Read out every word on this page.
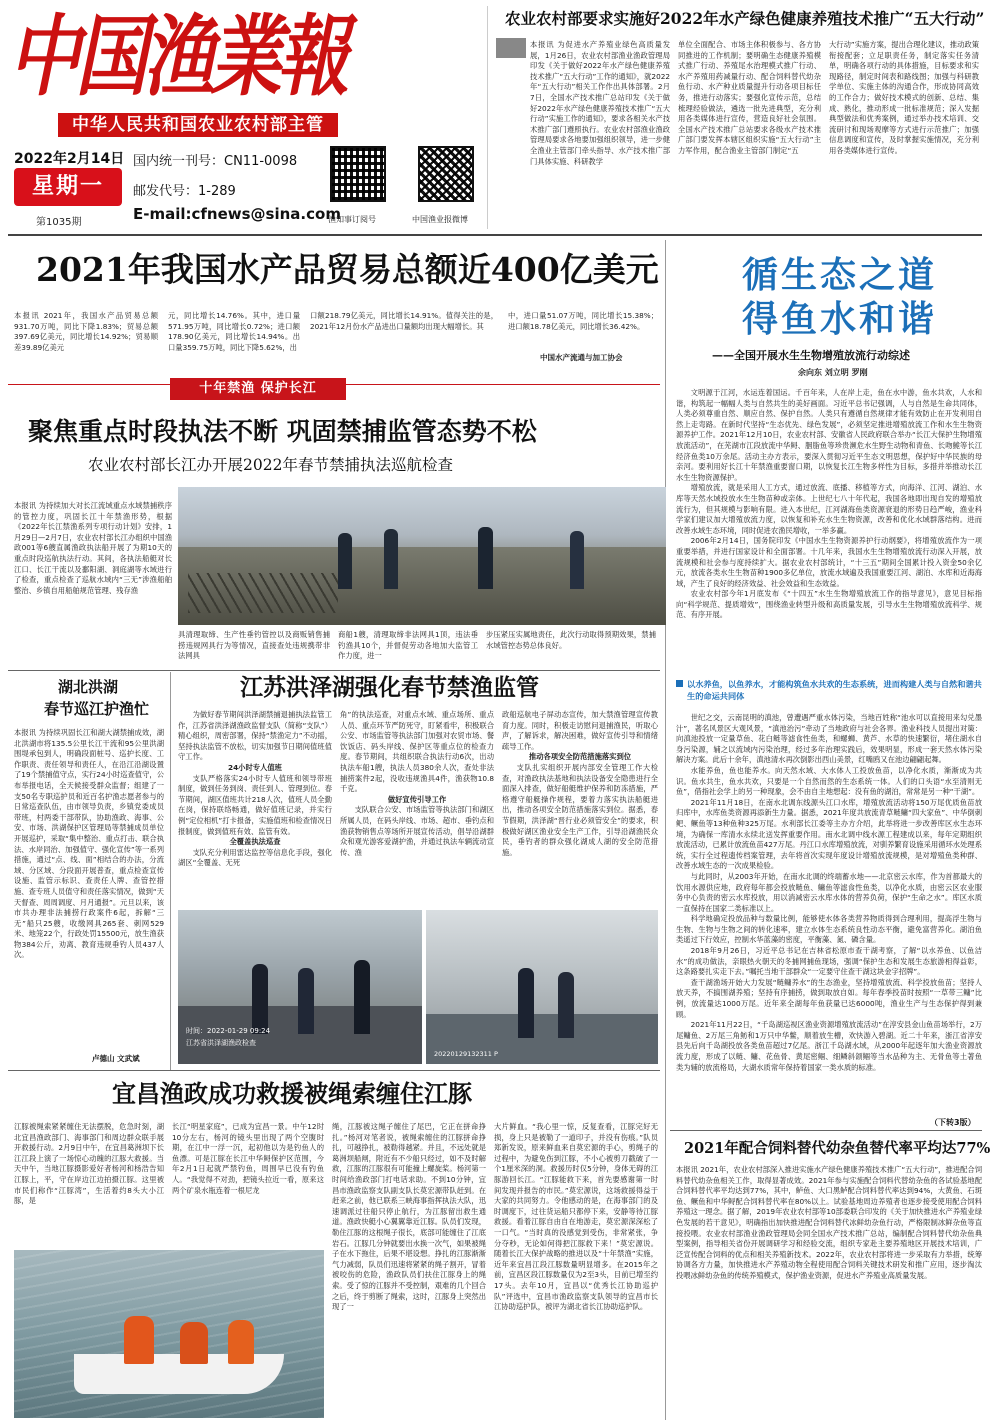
中国渔業報
中华人民共和国农业农村部主管
2022年2月14日
星期一
第1035期
国内统一刊号：CN11-0098
邮发代号：1-289
E-mail:cfnews@sina.com
渔知事订阅号	中国渔业报微博
农业农村部要求实施好2022年水产绿色健康养殖技术推广“五大行动”
本报讯 为促进水产养殖业绿色高质量发展，1月26日，农业农村部渔业渔政管理局印发《关于做好2022年水产绿色健康养殖技术推广“五大行动”工作的通知》，就2022年“五大行动”相关工作作出具体部署。2月7日，全国水产技术推广总站印发《关于做好2022年水产绿色健康养殖技术推广“五大行动”实施工作的通知》，要求各相关水产技术推广部门遵照执行。农业农村部渔业渔政管理局要求各地要加强组织领导，进一步健全渔业主管部门牵头指导、水产技术推广部门具体实施、科研教学
单位全面配合、市场主体积极参与、各方协同推进的工作机制；要明确生态健康养殖模式推广行动、养殖尾水治理模式推广行动、水产养殖用药减量行动、配合饲料替代幼杂鱼行动、水产种业质量提升行动各项目标任务，推进行动落实；要强化宣传示范，总结梳理经验做法，遴选一批先进典型，充分利用各类媒体进行宣传，营造良好社会氛围。全国水产技术推广总站要求各级水产技术推广部门要发挥本辖区组织实施“五大行动”主力军作用，配合渔业主管部门制定“五
大行动”实施方案，提出合理化建议，推动政策衔接配套；立足职责任务，制定落实任务清单，明确各项行动的具体措施，目标要求和实现路径，制定时间表和路线图；加强与科研教学单位、实施主体的沟通合作，形成协同高效的工作合力；做好技术模式的创新、总结、集成、熟化，推动形成一批标准规范；深入发掘典型做法和优秀案例，通过举办技术培训、交流研讨和现场观摩等方式进行示范推广；加强信息调度和宣传，及时掌握实施情况，充分利用各类媒体进行宣传。
2021年我国水产品贸易总额近400亿美元
本报讯 2021年，我国水产品贸易总额931.70万吨，同比下降1.83%；贸易总额397.69亿美元，同比增长14.92%；贸易顺差39.89亿美元
元，同比增长14.76%。其中，进口量571.95万吨，同比增长0.72%；进口额178.90亿美元，同比增长14.94%。出口量359.75万吨，同比下降5.62%，出
口额218.79亿美元，同比增长14.91%。值得关注的是，2021年12月份水产品进出口量额均出现大幅增长。其
中，进口量51.07万吨，同比增长15.38%；进口额18.78亿美元，同比增长36.42%。
中国水产流通与加工协会
循生态之道
得鱼水和谐
——全国开展水生生物增殖放流行动综述
余向东 刘立明 罗刚

文明源于江河，水运连着国运。千百年来，人在岸上走，鱼在水中游，鱼水共欢，人水和谐，构筑起一幅幅人类与自然共生的美好画面。习近平总书记强调，人与自然是生命共同体，人类必须尊重自然、顺应自然、保护自然。人类只有遵循自然规律才能有效防止在开发利用自然上走弯路。在新时代坚持“生态优先、绿色发展”，必须坚定推进增殖放流工作和水生生物资源养护工作。2021年12月10日，农业农村部、安徽省人民政府联合举办“长江大保护生物增殖放流活动”，在芜湖市江段放流中华鲟、胭脂鱼等珍贵濒危水生野生动物和青鱼、长吻鮠等长江经济鱼类10万余尾。活动主办方表示，要深入贯彻习近平生态文明思想，保护好中华民族的母亲河。要利用好长江十年禁渔重要窗口期，以恢复长江生物多样性为目标，多措并举推动长江水生生物资源保护。

增殖放流，就是采用人工方式，通过放流、底播、移植等方式，向海洋、江河、湖泊、水库等天然水域投放水生生物苗种或亲体。上世纪七八十年代起，我国各地即出现自发的增殖放流行为，但其规模与影响有限。进入本世纪，江河湖海鱼类资源衰退的形势日趋严峻，渔业科学家们建议加大增殖放流力度，以恢复和补充水生生物资源，改善和优化水域群落结构。进而改善水域生态环境，同时促进农渔民增收，一举多赢。

2006年2月14日，国务院印发《中国水生生物资源养护行动纲要》，将增殖放流作为一项重要举措，并进行国家设计和全面部署。十几年来，我国水生生物增殖放流行动深入开展，放流规模和社会参与度持续扩大。据农业农村部统计，“十三五”期间全国累计投入资金50余亿元，放流各类水生生物苗种1900多亿单位，放流水域遍及我国重要江河、湖泊、水库和近海海域，产生了良好的经济效益、社会效益和生态效益。

农业农村部今年1月底发布《“十四五”水生生物增殖放流工作的指导意见》，意见目标指向“科学规范、提质增效”，围绕渔业转型升级和高质量发展，引导水生生物增殖放流科学、规范、有序开展。

以水养鱼，以鱼养水，才能构筑鱼水共欢的生态系统，进而构建人类与自然和谐共生的命运共同体

世纪之交，云南昆明的滇池，曾遭遇严重水体污染，当地百姓称“池水可以直接用来勾兑墨汁”，著名风景区大观风景，“滇池治污”牵动了当地政府与社会各界。渔业科技人员提出对策：向滇池投放一定量草鱼、花白鲢等滤食性鱼类，和螺蛳、黄芦、水草的快速繁衍，堵住湖水自身污染源，辅之以流域内污染治理，经过多年治理实践后，效果明显，形成一套天然水体污染解决方案。此后十余年，滇池清水再次倒影出西山美景，红嘴鸥又在池边翩翩起舞。

水能养鱼，鱼也能养水。向天然水域、大水体人工投放鱼苗，以净化水质，渐渐成为共识。鱼水共生，鱼水共欢，只要是一个自然而然的生态系统一体。人们的口头语“水至清则无鱼”，借指社会学上的另一种现象，会不由自主地想起：没有鱼的湖泊，常常是另一种“干湖”。

2021年11月18日，在南水北调东线源头江口水库，增殖放流活动将150万尾优质鱼苗放归库中，水库鱼类资源再添新生力量。据悉，2021年度共放流青草鲢鳙“四大家鱼”、中华倒刺鲃、鳜鱼等13种鱼种325万尾。水利部长江委等主办方介绍，此举将进一步改善库区水生态环境，为确保一库清水永续北送发挥重要作用。南水北调中线水源工程建成以来，每年定期组织放流活动，已累计放流鱼苗427万尾。丹江口水库增殖放流，对驯养繁育设施采用循环水处理系统，实行全过程遗传档案管理，去年将首次实现年度设计增殖放流规模，是对增殖鱼类种群、改善水域生态的一次成果检验。

与此同时，从2003年开始，在南水北调的终端蓄水地——北京密云水库，作为首都最大的饮用水源供应地，政府每年都会投放鲢鱼、鳙鱼等滤食性鱼类，以净化水质，由密云区农业服务中心负责的密云水库投放，用以消减密云水库水体的营养负荷，保护“生命之水”。库区水质一直保持在国家二类标准以上。

科学地确定投放品种与数量比例，能够使水体各类营养物质得到合理利用，提高浮生物与生物、生物与生物之间的转化速率，建立水体生态系统良性动态平衡，避免富营养化。湖泊鱼类遥过下行效应，控制水华蓝藻的密度，平衡藻、氮、磷含量。

2018年9月26日，习近平总书记在吉林省松原市查干湖考察，了解“以水养鱼、以鱼洁水”的成功做法，亲眼热火朝天的冬捕网捕鱼现场，强调“保护生态和发展生态旅游相得益彰，这条路要扎实走下去。”嘱托当地干部群众“一定要守住查干湖这块金字招牌”。

查干湖渔场开始大力发展“鲢鳙养水”的生态渔业，坚持增殖放流、科学投放鱼苗；坚持人放天养，不搞围湖养殖；坚持有序捕捞，做到取放自如。每年春季投苗时按照“一草带三鳙”比例，放流量达1000万尾。近年来全湖每年鱼获量已达6000吨，渔业生产与生态保护得到兼顾。

2021年11月22日，“千岛湖巡视区渔业资源增殖放流活动”在淳安县金山鱼苗场举行，2万尾鳙鱼、2万尾三角鲂和1万只中华鳖，顺着放生槽，欢快游入碧湖。近二十年来，浙江省淳安县先后向千岛湖投放各类鱼苗超过7亿尾。浙江千岛湖水域，从2000年起逐年加大渔业资源放流力度，形成了以鲢、鳙、花鱼骨、黄尾密鲴、细鳞斜颌鲴等当水品种为主、无骨鱼等土著鱼类为辅的放流格局，大湖水质常年保持着国家一类水质的标准。

（下转3版）
2021年配合饲料替代幼杂鱼替代率平均达77%
本报讯 2021年，农业农村部深入推进实施水产绿色健康养殖技术推广“五大行动”，推进配合饲料替代幼杂鱼相关工作，取得显著成效。2021年参与实施配合饲料代替幼杂鱼的各试验基地配合饲料替代率平均达到77%，其中，鲈鱼、大口黑鲈配合饲料替代率达到94%，大黄鱼、石斑鱼、鳜鱼和中华鲟配合饲料替代率在80%以上。试验基地周边养殖者也逐步接受使用配合饲料养殖这一理念。据了解，2019年农业农村部等10部委联合印发的《关于加快推进水产养殖业绿色发展的若干意见》，明确指出加快推进配合饲料替代冰鲜幼杂鱼行动，严格限制冰鲜杂鱼等直接投喂。农业农村部渔业渔政管理局会同全国水产技术推广总站，编制配合饲料替代幼杂鱼典型案例，指导相关省份开展调研学习和经验交流，组织专家赴主要养殖地区开展技术培训，广泛宣传配合饲料的优点和相关养殖新技术。2022年，农业农村部将进一步采取有力举措，统筹协调各方力量，加快推进水产养殖动物全程使用配合饲料关键技术研发和推广应用，逐步淘汰投喂冰鲜幼杂鱼的传统养殖模式，保护渔业资源，促进水产养殖业高质量发展。
十年禁渔 保护长江
聚焦重点时段执法不断 巩固禁捕监管态势不松
农业农村部长江办开展2022年春节禁捕执法巡航检查
本报讯 为持续加大对长江流域重点水域禁捕秩序的管控力度，巩固长江十年禁渔形势，根据《2022年长江禁渔系列专项行动计划》安排，1月29日—2月7日，农业农村部长江办组织中国渔政001等6艘直属渔政执法船开展了为期10天的重点时段巡航执法行动。其间，各执法船艇对长江口、长江干流以及鄱阳湖、洞庭湖等水域进行了检查，重点检查了巡航水域内“三无”涉渔船舶整治、乡镇自用船舶规范管理、残存渔
具清理取缔、生产性垂钓管控以及商贩销售捕捞违规网具行为等情况，直接查处违规携带非法网具
商船1艘，清理取缔非法网具1顶，违法垂钓渔具10个，并督促劳动各地加大监管工作力度，进一
步压紧压实属地责任，此次行动取得预期效果，禁捕水域管控态势总体良好。
湖北洪湖
春节巡江护渔忙
本报讯 为持续巩固长江和湖大湖禁捕成效，湖北洪湖市将135.5公里长江干流和95公里洪湖围堤承包到人，明确段面桩号、巡护长度、工作职责、责任领导和责任人，在沿江沿湖设置了19个禁捕值守点，实行24小时巡查值守，公布举报电话，全天候接受群众监督；组建了一支50名专职巡护员和近百名护渔志愿者参与的日常巡查队伍，由市领导负责，乡镇党委成员带班，村两委干部带队，协助渔政、海事、公安、市场、洪湖保护区管理局等禁捕成员单位开展巡护，采取“集中整治、重点打击、联合执法、水岸同治、加强值守、强化宣传”等一系列措施，通过“点、线、面”相结合的办法，分流域、分区域、分段面开展普查，重点检查宣传设施、监管示标识、查责任人牌、查管控措施、查专班人员值守和责任落实情况，做到“天天督查、周周调度、月月通报”。元旦以来，该市共办理非法捕捞行政案件6起，拆解“三无”船只25艘，收缴网具265套、刺网529米、地笼22个，行政处罚15500元，放生渔获物384公斤，劝离、教育违规垂钓人员437人次。
卢德山 文武斌
江苏洪泽湖强化春节禁渔监管

为做好春节期间洪泽湖禁捕退捕执法监管工作，江苏省洪泽湖渔政监督支队（简称“支队”）精心组织，周密部署，保持“禁渔定力”不动摇，坚持执法监管不放松，切实加强节日期间值班值守工作。

24小时专人值班

支队严格落实24小时专人值班和领导带班制度，做到任务到岗、责任到人、管理到位。春节期间，湖区值班共计218人次，值班人员全勤在岗，保持联络畅通，做好值班记录，并实行例“定位相机”打卡报备，实施值班和检查情况日报制度，做到值班有效、监管有效。

全覆盖执法巡查

支队充分利用雷达监控等信息化手段，强化湖区“全覆盖、无死

角”的执法巡查，对重点水域、重点场所、重点人员、重点环节严防死守，盯紧看牢，积极联合公安、市场监管等执法部门加强对农贸市场、餐饮饭店、码头岸线、保护区等重点位的检查力度。春节期间，共组织联合执法行动6次，出动执法车船1艘，执法人员380余人次，查处非法捕捞案件2起，没收违规渔具4件，渔获物10.8千克。
做好宣传引导工作

支队联合公安、市场监管等执法部门和湖区所属人员，在码头岸线、市场、超市、垂钓点和渔获物销售点等场所开展宣传活动，倡导沿湖群众和观光游客爱湖护渔，并通过执法车辆流动宣传、渔

政船巡航电子屏动态宣传，加大禁渔管理宣传教育力度。同时，积极走访慰问退捕渔民，听取心声，了解诉求，解决困难，做好宣传引导和情绪疏导工作。
推动各项安全防范措施落实到位

支队扎实组织开展内部安全管理工作大检查，对渔政执法基地和执法设备安全隐患进行全面深入排查，做好船艇维护保养和防冻措施，严格遵守船艇操作规程，要着力落实执法船艇进出，推动各项安全防范措施落实到位。据悉，春节假期，洪泽湖“晋行业必须管安全”的要求，积极做好湖区渔业安全生产工作，引导沿湖渔民众民，垂钓者的群众强化湖成人湖的安全防范措施。

时间：2022-01-29 09:24
江苏省洪泽湖渔政检查
20220129132311 P
宜昌渔政成功救援被绳索缠住江豚
江豚被绳索紧紧缠住无法摆脱，危急时刻，湖北宜昌渔政部门、海事部门和周边群众联手展开救援行动。2月9日中午，在宜昌葛洲坝下长江江段上演了一场惊心动魄的江豚大救援。当天中午，当地江豚摄影爱好者杨河和杨浩告知江豚上，平，守在岸边江边拍摄江豚。这里被市民们称作“江豚湾”，生活着约8头大小江豚，是
长江“明星家庭”，已成为宜昌一景。中午12时10分左右，杨河的镜头里出现了两个空腹时期，在江中一浮一沉，起初他以为是钓鱼人的鱼漂。可是江豚在长江中华鲟保护区范围，今年2月1日起就严禁钓鱼，周围早已没有钓鱼人。“我觉得不对劲，把镜头拉近一看，原来这两个矿泉水瓶连着一根尼龙
绳，江豚被这绳子缠住了尾巴，它正在拼命挣扎。”杨河对笔者说，被绳索缠住的江豚拼命挣扎，可越挣扎，被勒得越紧。并且，不远处就是葛洲坝船闸，附近有不少船只经过，如不及时解救，江豚的江豚很有可能撞上螺旋桨。杨河第一时间给渔政部门打电话求助。不到10分钟，宜昌市渔政监察支队副支队长莫宏源带队赶到。在赶来之前，他已联系三峡海事指挥执法大队，迅速调派过往船只停止航行，为江豚留出救生通道。渔政快艇小心翼翼靠近江豚。队员们发现，勒住江豚的这根绳子很长，底部可能缠住了江底岩石。江豚几分钟就要出水换一次气，如果被绳子在水下拖住，后果不堪设想。挣扎的江豚渐渐气力减弱，队员们迅速将紧紧的绳子割开，冒着被咬伤的危险，渔政队员们扶住江豚身上的绳索。受了惊的江豚并不受控制，艰难的几个回合之后，终于剪断了绳索，这时，江豚身上突然出现了一
大片鲜血。“我心里一惊，反复查看，江豚完好无损，身上只是被勒了一道印子，并没有伤痕。”队员郑新发说，原来鲜血来自莫宏源的手心，剪绳子的过程中，为避免伤到江豚，不小心被剪刀戳破了一个1厘米深的洞。救援历时仅5分钟，身体无碍的江豚游回长江。“江豚能救下来，首先要感谢第一时间发现并报告的市民。”莫宏源说，这场救援得益于大家的共同努力。令他感动的是，在海事部门的及时调度下，过往货运船只都停下来，安静等待江豚救援。看着江豚自由自在地游走，莫宏源深深松了一口气。“当时真的没感觉到受伤，非常紧张，争分夺秒，无论如何得把江豚救下来！”莫宏源说。随着长江大保护战略的推进以及“十年禁渔”实施，近年来宜昌江段江豚数量明显增多。在2015年之前，宜昌区段江豚数量仅为2至3头，目前已增至约17头。去年10月，宜昌以“优秀长江协助巡护队”评选中，宜昌市渔政监察支队领导的宜昌市长江协助巡护队，被评为湖北省长江协助巡护队。
